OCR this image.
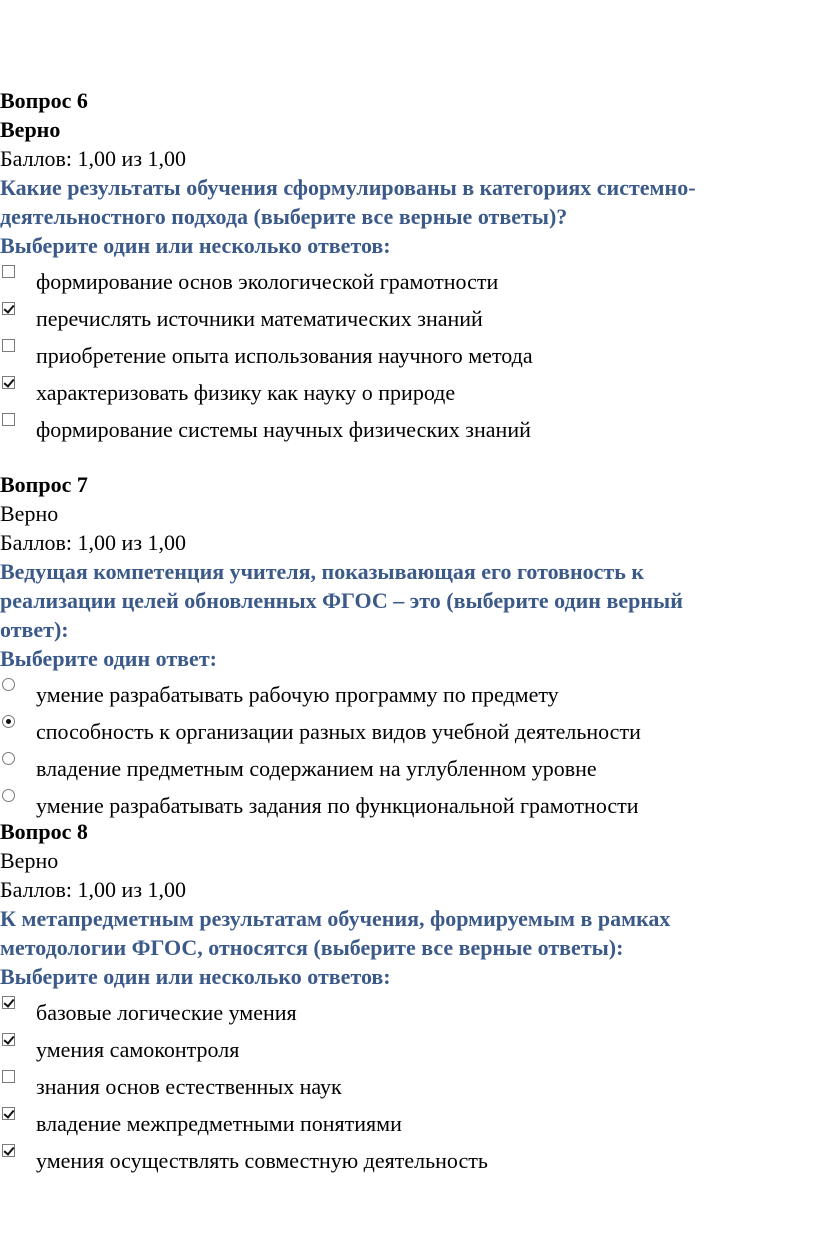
Вопрос 6
Верно
Баллов: 1,00 из 1,00
Какие результаты обучения сформулированы в категориях системно-
деятельностного подхода (выберите все верные ответы)?
Выберите один или несколько ответов:
формирование основ экологической грамотности
перечислять источники математических знаний
приобретение опыта использования научного метода
характеризовать физику как науку о природе
формирование системы научных физических знаний
Вопрос 7
Верно
Баллов: 1,00 из 1,00
Ведущая компетенция учителя, показывающая его готовность к
реализации целей обновленных ФГОС – это (выберите один верный
ответ):
Выберите один ответ:
умение разрабатывать рабочую программу по предмету
способность к организации разных видов учебной деятельности
владение предметным содержанием на углубленном уровне
умение разрабатывать задания по функциональной грамотности
Вопрос 8
Верно
Баллов: 1,00 из 1,00
К метапредметным результатам обучения, формируемым в рамках
методологии ФГОС, относятся (выберите все верные ответы):
Выберите один или несколько ответов:
базовые логические умения
умения самоконтроля
знания основ естественных наук
владение межпредметными понятиями
умения осуществлять совместную деятельность
